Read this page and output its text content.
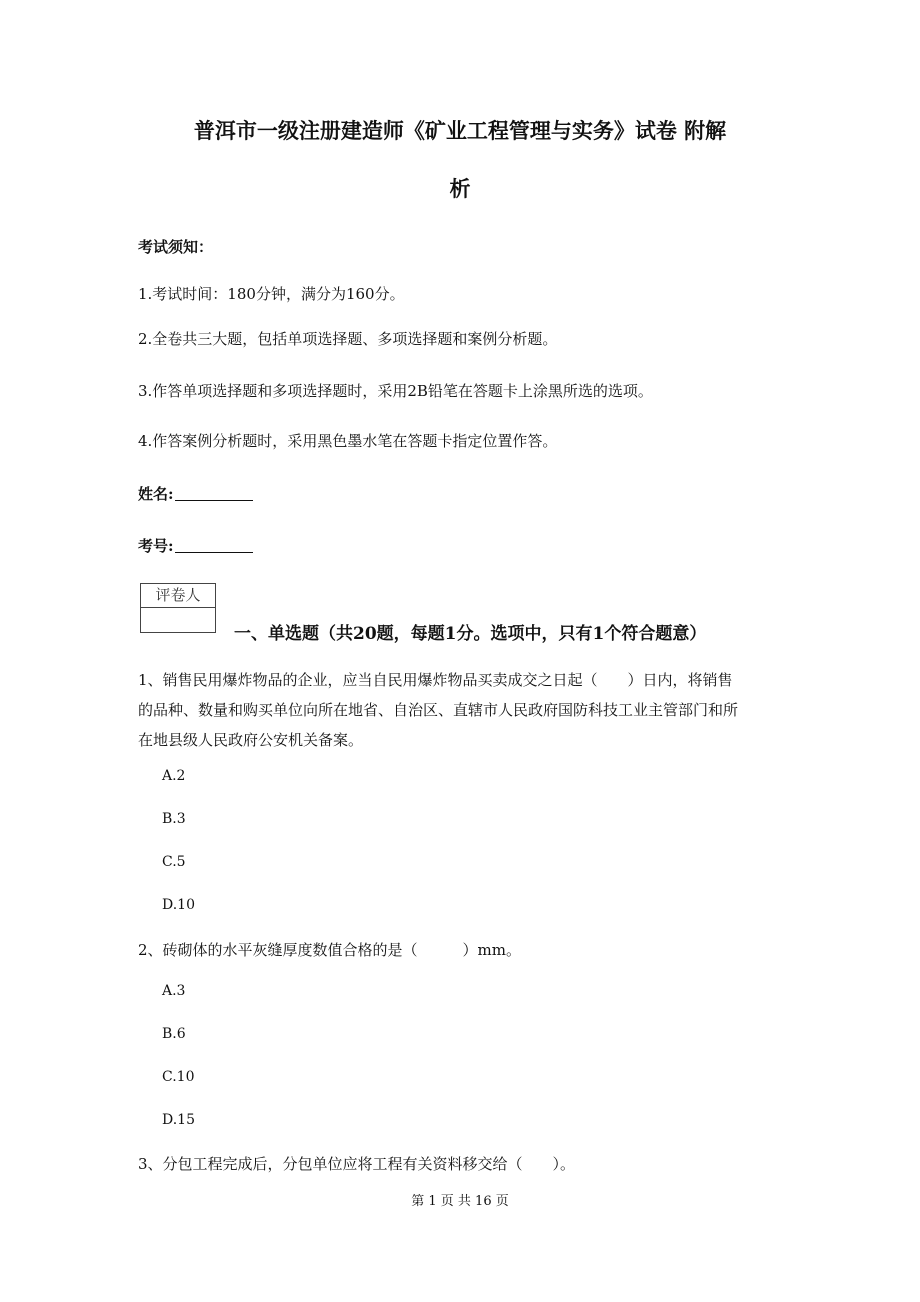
普洱市一级注册建造师《矿业工程管理与实务》试卷 附解
析
考试须知：
1.考试时间：180分钟，满分为160分。
2.全卷共三大题，包括单项选择题、多项选择题和案例分析题。
3.作答单项选择题和多项选择题时，采用2B铅笔在答题卡上涂黑所选的选项。
4.作答案例分析题时，采用黑色墨水笔在答题卡指定位置作答。
姓名:
考号:
评卷人
一、单选题（共20题，每题1分。选项中，只有1个符合题意）
1、销售民用爆炸物品的企业，应当自民用爆炸物品买卖成交之日起（　　）日内，将销售
的品种、数量和购买单位向所在地省、自治区、直辖市人民政府国防科技工业主管部门和所
在地县级人民政府公安机关备案。
A.2
B.3
C.5
D.10
2、砖砌体的水平灰缝厚度数值合格的是（　　　）mm。
A.3
B.6
C.10
D.15
3、分包工程完成后，分包单位应将工程有关资料移交给（　　）。
第 1 页 共 16 页
